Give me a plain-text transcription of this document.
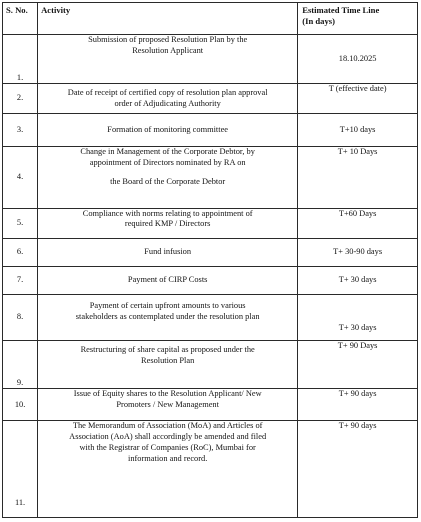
S. No.	Activity	Estimated Time Line
(In days)

1.	Submission of proposed Resolution Plan by the
Resolution Applicant	18.10.2025
2.	Date of receipt of certified copy of resolution plan approval
order of Adjudicating Authority	T (effective date)
3.	Formation of monitoring committee	T+10 days
4.	Change in Management of the Corporate Debtor, by
appointment of Directors nominated by RA on
the Board of the Corporate Debtor	T+ 10 Days
5.	Compliance with norms relating to appointment of
required KMP / Directors	T+60 Days
6.	Fund infusion	T+ 30-90 days
7.	Payment of CIRP Costs	T+ 30 days
8.	Payment of certain upfront amounts to various
stakeholders as contemplated under the resolution plan	T+ 30 days
9.	Restructuring of share capital as proposed under the
Resolution Plan	T+ 90 Days
10.	Issue of Equity shares to the Resolution Applicant/ New
Promoters / New Management	T+ 90 days
11.	The Memorandum of Association (MoA) and Articles of
Association (AoA) shall accordingly be amended and filed
with the Registrar of Companies (RoC), Mumbai for
information and record.	T+ 90 days
